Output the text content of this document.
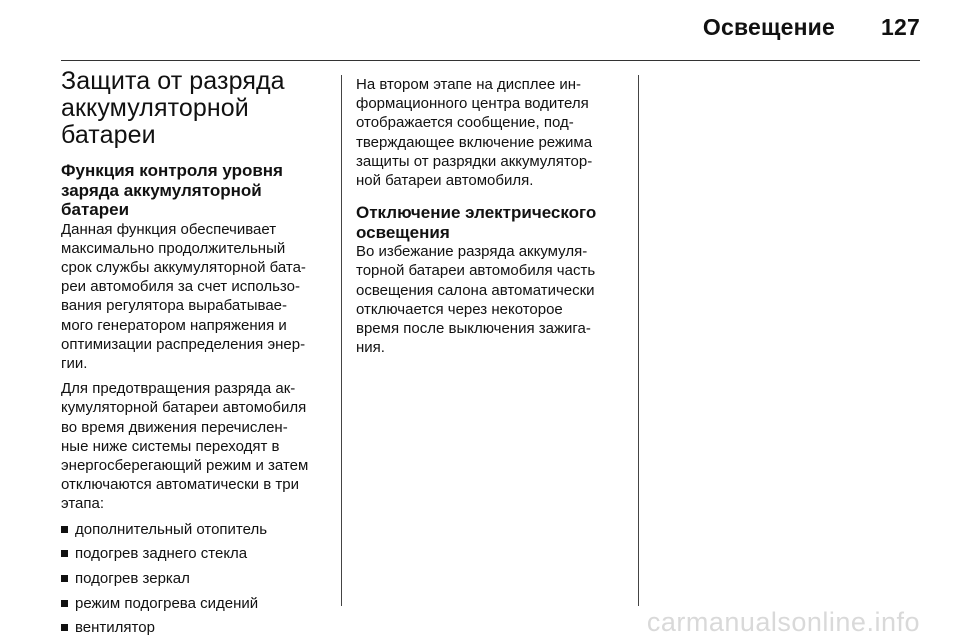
Освещение 127
Защита от разряда
аккумуляторной батареи
Функция контроля уровня
заряда аккумуляторной
батареи
Данная функция обеспечивает
максимально продолжительный
срок службы аккумуляторной бата-
реи автомобиля за счет использо-
вания регулятора вырабатывае-
мого генератором напряжения и
оптимизации распределения энер-
гии.
Для предотвращения разряда ак-
кумуляторной батареи автомобиля
во время движения перечислен-
ные ниже системы переходят в
энергосберегающий режим и затем
отключаются автоматически в три
этапа:
дополнительный отопитель
подогрев заднего стекла
подогрев зеркал
режим подогрева сидений
вентилятор
На втором этапе на дисплее ин-
формационного центра водителя
отображается сообщение, под-
тверждающее включение режима
защиты от разрядки аккумулятор-
ной батареи автомобиля.
Отключение электрического
освещения
Во избежание разряда аккумуля-
торной батареи автомобиля часть
освещения салона автоматически
отключается через некоторое
время после выключения зажига-
ния.
carmanualsonline.info
